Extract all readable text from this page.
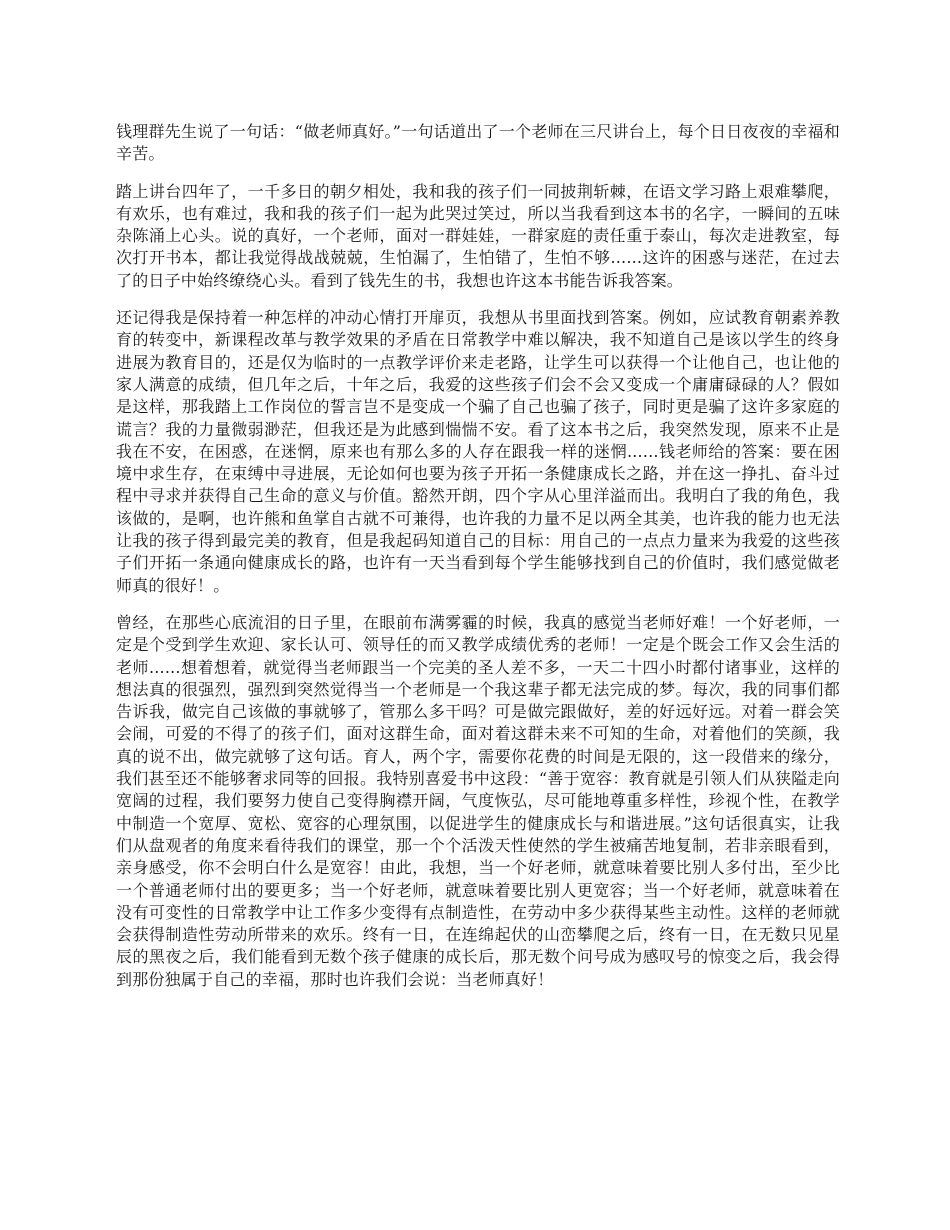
钱理群先生说了一句话：“做老师真好。”一句话道出了一个老师在三尺讲台上，每个日日夜夜的幸福和辛苦。

踏上讲台四年了，一千多日的朝夕相处，我和我的孩子们一同披荆斩棘，在语文学习路上艰难攀爬，有欢乐，也有难过，我和我的孩子们一起为此哭过笑过，所以当我看到这本书的名字，一瞬间的五味杂陈涌上心头。说的真好，一个老师，面对一群娃娃，一群家庭的责任重于泰山，每次走进教室，每次打开书本，都让我觉得战战兢兢，生怕漏了，生怕错了，生怕不够......这许的困惑与迷茫，在过去了的日子中始终缭绕心头。看到了钱先生的书，我想也许这本书能告诉我答案。

还记得我是保持着一种怎样的冲动心情打开扉页，我想从书里面找到答案。例如，应试教育朝素养教育的转变中，新课程改革与教学效果的矛盾在日常教学中难以解决，我不知道自己是该以学生的终身进展为教育目的，还是仅为临时的一点教学评价来走老路，让学生可以获得一个让他自己，也让他的家人满意的成绩，但几年之后，十年之后，我爱的这些孩子们会不会又变成一个庸庸碌碌的人？假如是这样，那我踏上工作岗位的誓言岂不是变成一个骗了自己也骗了孩子，同时更是骗了这许多家庭的谎言？我的力量微弱渺茫，但我还是为此感到惴惴不安。看了这本书之后，我突然发现，原来不止是我在不安，在困惑，在迷惘，原来也有那么多的人存在跟我一样的迷惘......钱老师给的答案：要在困境中求生存，在束缚中寻进展，无论如何也要为孩子开拓一条健康成长之路，并在这一挣扎、奋斗过程中寻求并获得自己生命的意义与价值。豁然开朗，四个字从心里洋溢而出。我明白了我的角色，我该做的，是啊，也许熊和鱼掌自古就不可兼得，也许我的力量不足以两全其美，也许我的能力也无法让我的孩子得到最完美的教育，但是我起码知道自己的目标：用自己的一点点力量来为我爱的这些孩子们开拓一条通向健康成长的路，也许有一天当看到每个学生能够找到自己的价值时，我们感觉做老师真的很好！。

曾经，在那些心底流泪的日子里，在眼前布满雾霾的时候，我真的感觉当老师好难！一个好老师，一定是个受到学生欢迎、家长认可、领导任的而又教学成绩优秀的老师！一定是个既会工作又会生活的老师......想着想着，就觉得当老师跟当一个完美的圣人差不多，一天二十四小时都付诸事业，这样的想法真的很强烈，强烈到突然觉得当一个老师是一个我这辈子都无法完成的梦。每次，我的同事们都告诉我，做完自己该做的事就够了，管那么多干吗？可是做完跟做好，差的好远好远。对着一群会笑会闹，可爱的不得了的孩子们，面对这群生命，面对着这群未来不可知的生命，对着他们的笑颜，我真的说不出，做完就够了这句话。育人，两个字，需要你花费的时间是无限的，这一段借来的缘分，我们甚至还不能够奢求同等的回报。我特别喜爱书中这段：“善于宽容：教育就是引领人们从狭隘走向宽阔的过程，我们要努力使自己变得胸襟开阔，气度恢弘，尽可能地尊重多样性，珍视个性，在教学中制造一个宽厚、宽松、宽容的心理氛围，以促进学生的健康成长与和谐进展。”这句话很真实，让我们从盘观者的角度来看待我们的课堂，那一个个活泼天性使然的学生被痛苦地复制，若非亲眼看到，亲身感受，你不会明白什么是宽容！由此，我想，当一个好老师，就意味着要比别人多付出，至少比一个普通老师付出的要更多；当一个好老师，就意味着要比别人更宽容；当一个好老师，就意味着在没有可变性的日常教学中让工作多少变得有点制造性，在劳动中多少获得某些主动性。这样的老师就会获得制造性劳动所带来的欢乐。终有一日，在连绵起伏的山峦攀爬之后，终有一日，在无数只见星辰的黑夜之后，我们能看到无数个孩子健康的成长后，那无数个问号成为感叹号的惊变之后，我会得到那份独属于自己的幸福，那时也许我们会说：当老师真好！
